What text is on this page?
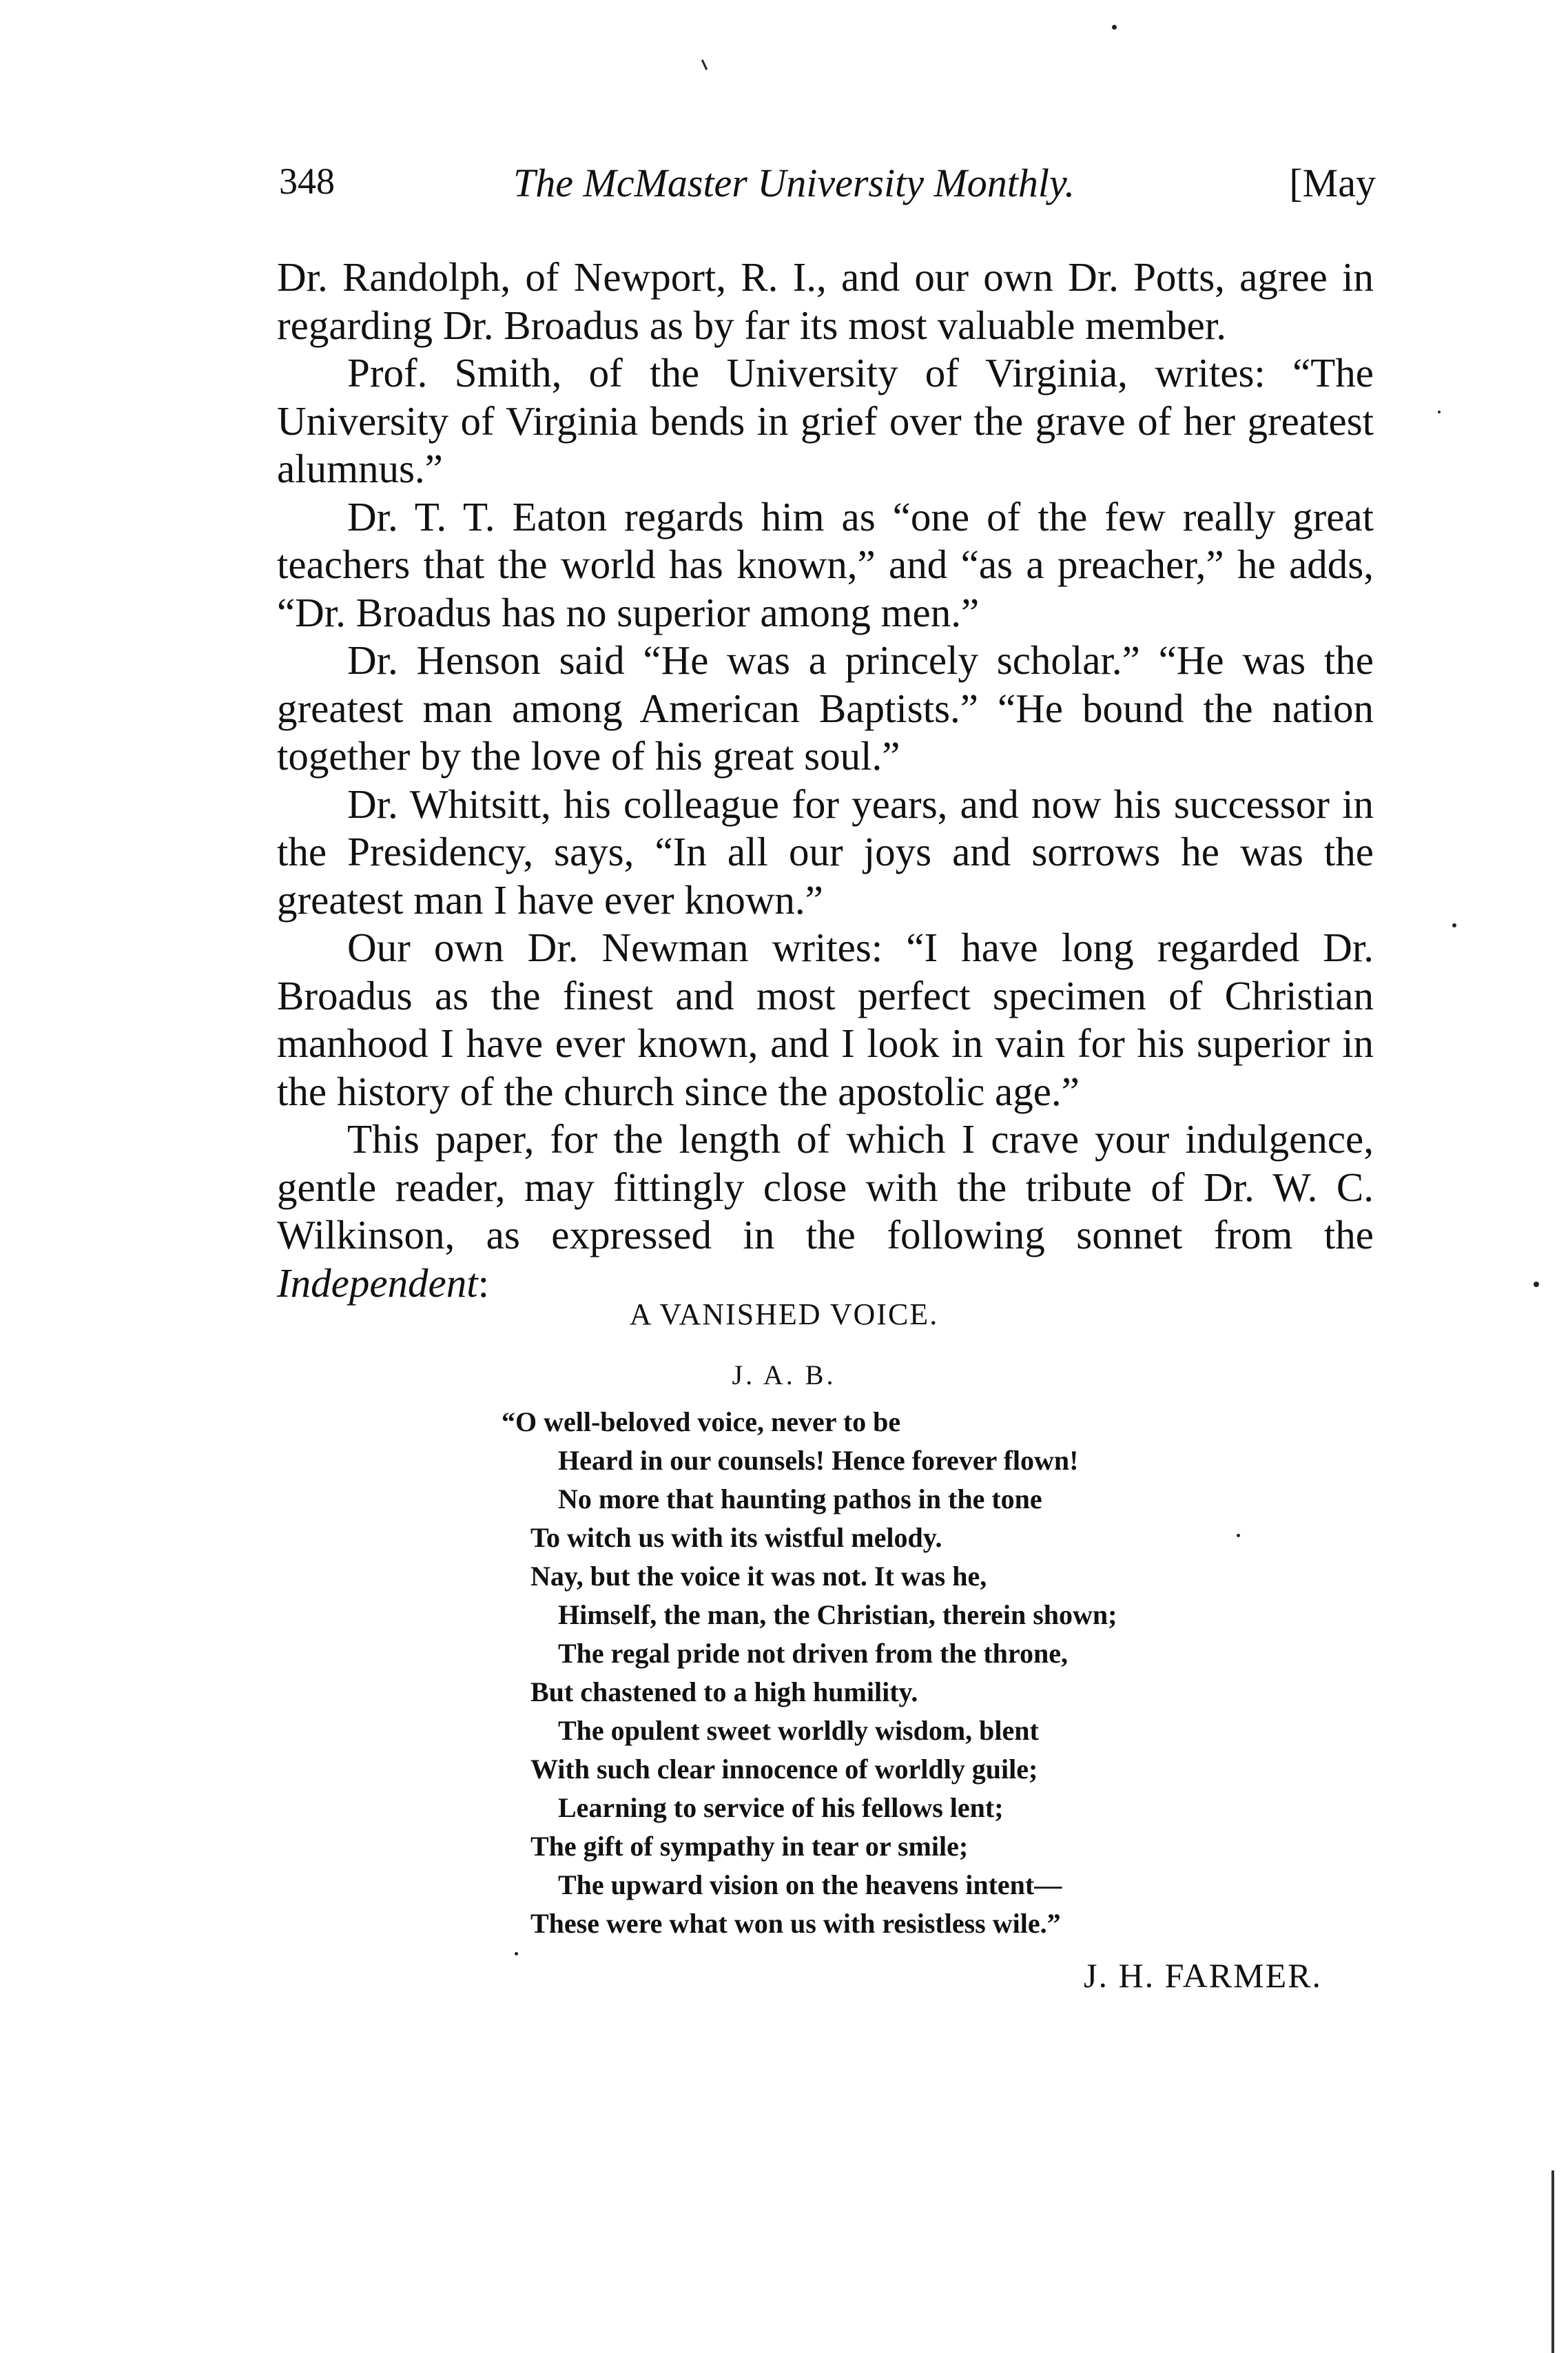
348	The McMaster University Monthly.	[May

Dr. Randolph, of Newport, R. I., and our own Dr. Potts, agree in regarding Dr. Broadus as by far its most valuable member.

Prof. Smith, of the University of Virginia, writes: “The University of Virginia bends in grief over the grave of her greatest alumnus.”

Dr. T. T. Eaton regards him as “one of the few really great teachers that the world has known,” and “as a preacher,” he adds, “Dr. Broadus has no superior among men.”

Dr. Henson said “He was a princely scholar.” “He was the greatest man among American Baptists.” “He bound the nation together by the love of his great soul.”

Dr. Whitsitt, his colleague for years, and now his successor in the Presidency, says, “In all our joys and sorrows he was the greatest man I have ever known.”

Our own Dr. Newman writes: “I have long regarded Dr. Broadus as the finest and most perfect specimen of Christian manhood I have ever known, and I look in vain for his superior in the history of the church since the apostolic age.”

This paper, for the length of which I crave your indulgence, gentle reader, may fittingly close with the tribute of Dr. W. C. Wilkinson, as expressed in the following sonnet from the Independent:

A VANISHED VOICE.
J. A. B.
“O well-beloved voice, never to be
Heard in our counsels! Hence forever flown!
No more that haunting pathos in the tone
To witch us with its wistful melody.
Nay, but the voice it was not. It was he,
Himself, the man, the Christian, therein shown;
The regal pride not driven from the throne,
But chastened to a high humility.
The opulent sweet worldly wisdom, blent
With such clear innocence of worldly guile;
Learning to service of his fellows lent;
The gift of sympathy in tear or smile;
The upward vision on the heavens intent—
These were what won us with resistless wile.”
J. H. FARMER.
